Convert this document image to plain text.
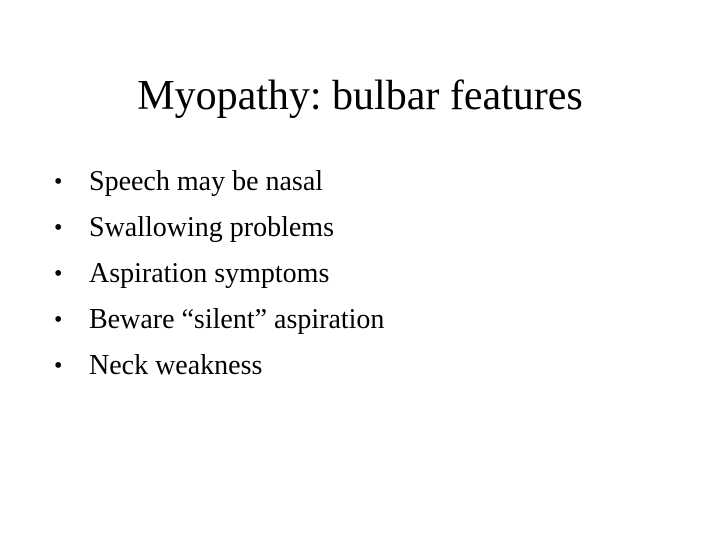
Myopathy: bulbar features
• Speech may be nasal
• Swallowing problems
• Aspiration symptoms
• Beware “silent” aspiration
• Neck weakness
